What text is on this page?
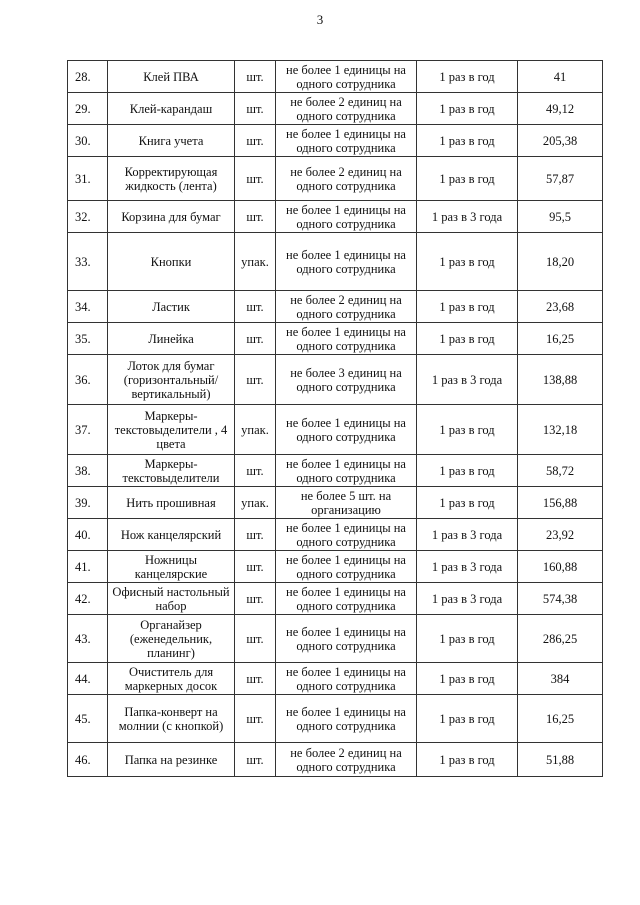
3
28.	Клей ПВА	шт.	не более 1 единицы на одного сотрудника	1 раз в год	41
29.	Клей-карандаш	шт.	не более 2 единиц на одного сотрудника	1 раз в год	49,12
30.	Книга учета	шт.	не более 1 единицы на одного сотрудника	1 раз в год	205,38
31.	Корректирующая жидкость (лента)	шт.	не более 2 единиц на одного сотрудника	1 раз в год	57,87
32.	Корзина для бумаг	шт.	не более 1 единицы на одного сотрудника	1 раз в 3 года	95,5
33.	Кнопки	упак.	не более 1 единицы на одного сотрудника	1 раз в год	18,20
34.	Ластик	шт.	не более 2 единиц на одного сотрудника	1 раз в год	23,68
35.	Линейка	шт.	не более 1 единицы на одного сотрудника	1 раз в год	16,25
36.	Лоток для бумаг (горизонтальный/ вертикальный)	шт.	не более 3 единиц на одного сотрудника	1 раз в 3 года	138,88
37.	Маркеры-текстовыделители , 4 цвета	упак.	не более 1 единицы на одного сотрудника	1 раз в год	132,18
38.	Маркеры-текстовыделители	шт.	не более 1 единицы на одного сотрудника	1 раз в год	58,72
39.	Нить прошивная	упак.	не более 5 шт. на организацию	1 раз в год	156,88
40.	Нож канцелярский	шт.	не более 1 единицы на одного сотрудника	1 раз в 3 года	23,92
41.	Ножницы канцелярские	шт.	не более 1 единицы на одного сотрудника	1 раз в 3 года	160,88
42.	Офисный настольный набор	шт.	не более 1 единицы на одного сотрудника	1 раз в 3 года	574,38
43.	Органайзер (еженедельник, планинг)	шт.	не более 1 единицы на одного сотрудника	1 раз в год	286,25
44.	Очиститель для маркерных досок	шт.	не более 1 единицы на одного сотрудника	1 раз в год	384
45.	Папка-конверт на молнии (с кнопкой)	шт.	не более 1 единицы на одного сотрудника	1 раз в год	16,25
46.	Папка на резинке	шт.	не более 2 единиц на одного сотрудника	1 раз в год	51,88
